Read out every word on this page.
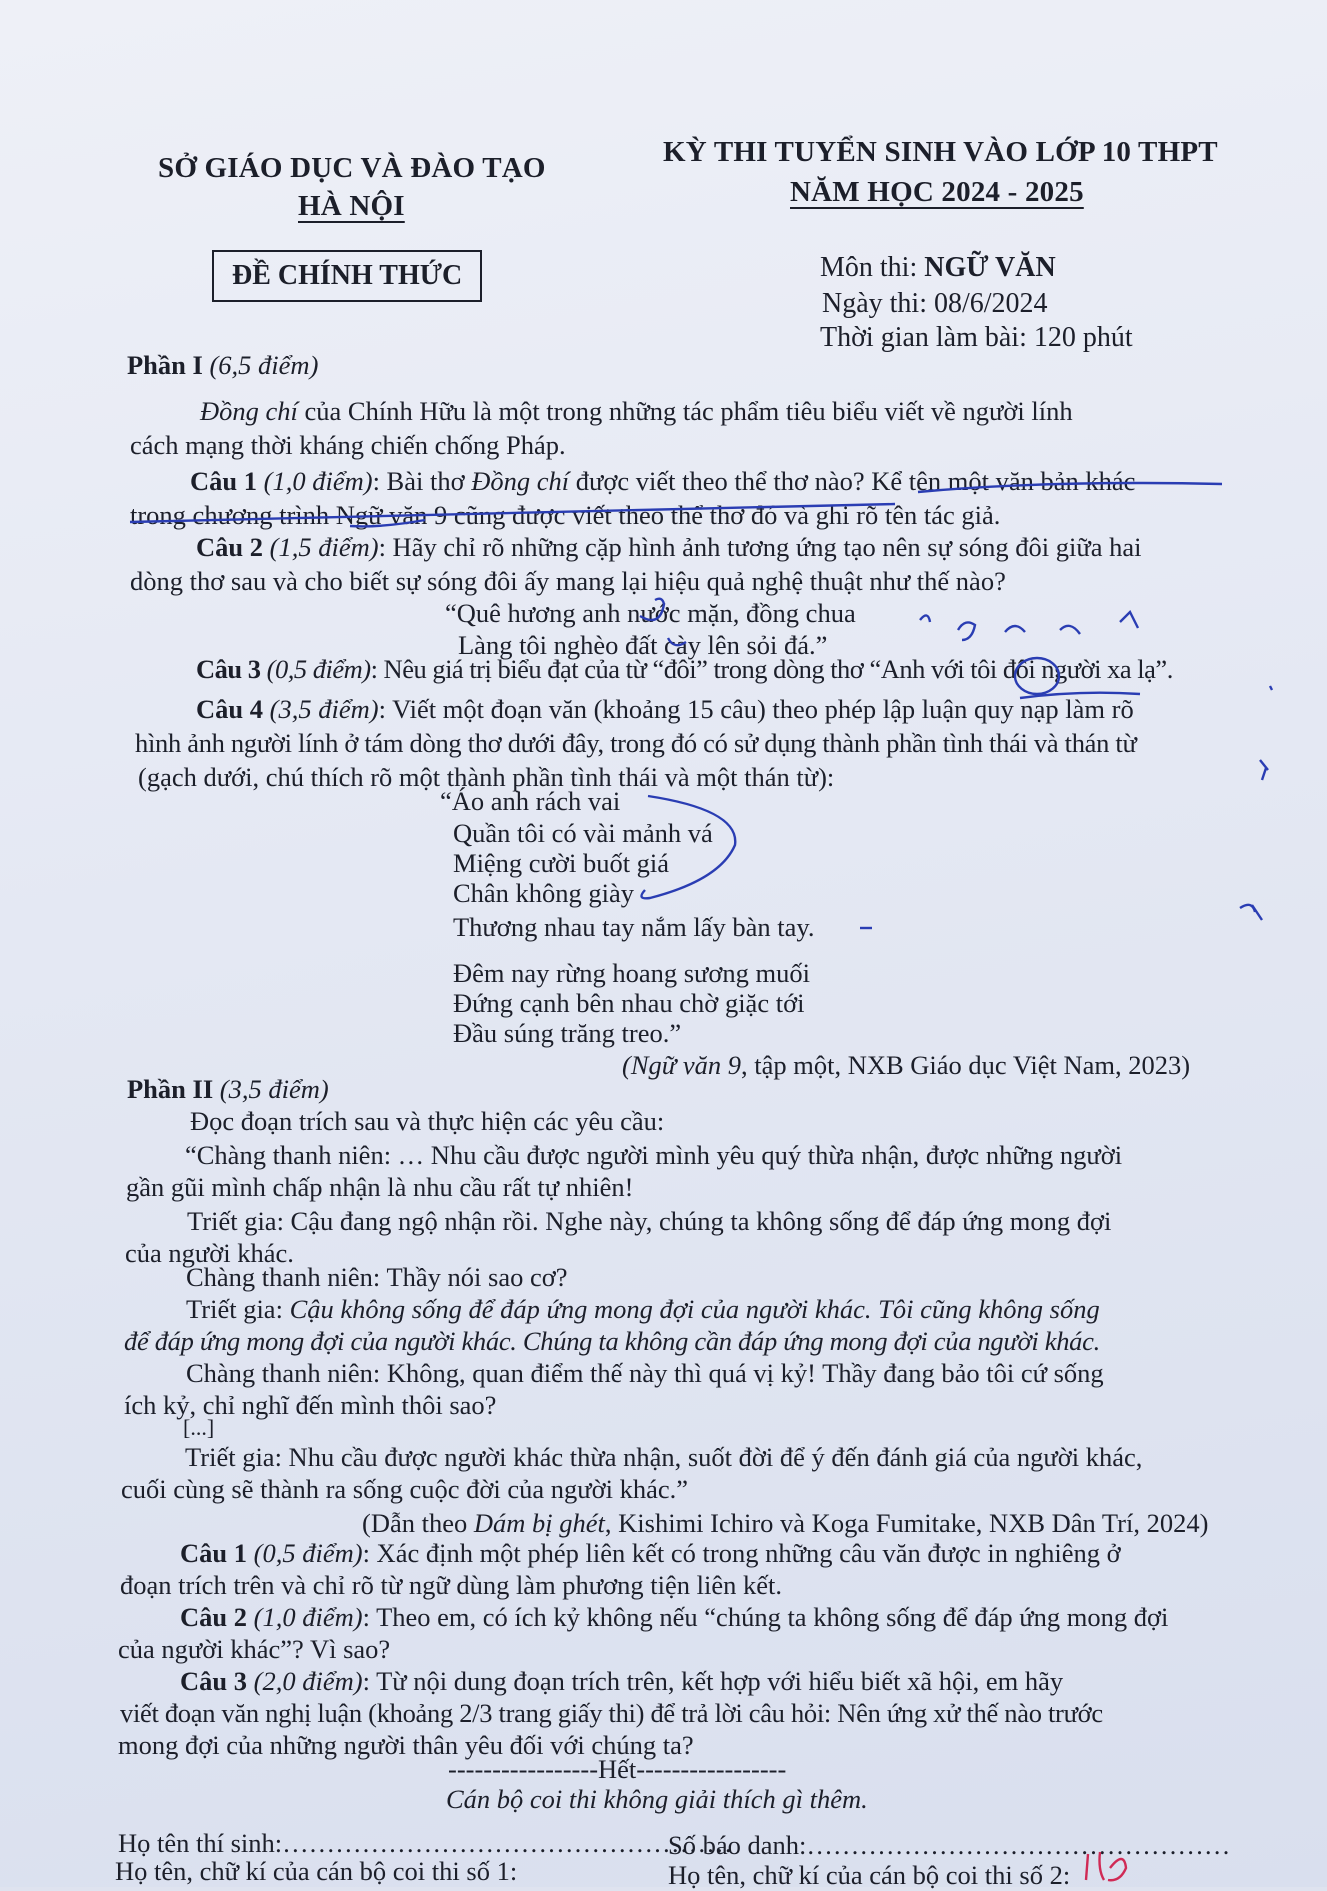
SỞ GIÁO DỤC VÀ ĐÀO TẠO
HÀ NỘI
KỲ THI TUYỂN SINH VÀO LỚP 10 THPT
NĂM HỌC 2024 - 2025
ĐỀ CHÍNH THỨC	Môn thi: NGỮ VĂN
Ngày thi: 08/6/2024
Thời gian làm bài: 120 phút
Phần I (6,5 điểm)
Đồng chí của Chính Hữu là một trong những tác phẩm tiêu biểu viết về người lính
cách mạng thời kháng chiến chống Pháp.
Câu 1 (1,0 điểm): Bài thơ Đồng chí được viết theo thể thơ nào? Kể tên một văn bản khác
trong chương trình Ngữ văn 9 cũng được viết theo thể thơ đó và ghi rõ tên tác giả.
Câu 2 (1,5 điểm): Hãy chỉ rõ những cặp hình ảnh tương ứng tạo nên sự sóng đôi giữa hai
dòng thơ sau và cho biết sự sóng đôi ấy mang lại hiệu quả nghệ thuật như thế nào?
“Quê hương anh nước mặn, đồng chua
Làng tôi nghèo đất cày lên sỏi đá.”
Câu 3 (0,5 điểm): Nêu giá trị biểu đạt của từ “đôi” trong dòng thơ “Anh với tôi đôi người xa lạ”.
Câu 4 (3,5 điểm): Viết một đoạn văn (khoảng 15 câu) theo phép lập luận quy nạp làm rõ
hình ảnh người lính ở tám dòng thơ dưới đây, trong đó có sử dụng thành phần tình thái và thán từ
(gạch dưới, chú thích rõ một thành phần tình thái và một thán từ):
“Áo anh rách vai
Quần tôi có vài mảnh vá
Miệng cười buốt giá
Chân không giày
Thương nhau tay nắm lấy bàn tay.
Đêm nay rừng hoang sương muối
Đứng cạnh bên nhau chờ giặc tới
Đầu súng trăng treo.”
(Ngữ văn 9, tập một, NXB Giáo dục Việt Nam, 2023)
Phần II (3,5 điểm)
Đọc đoạn trích sau và thực hiện các yêu cầu:
“Chàng thanh niên: … Nhu cầu được người mình yêu quý thừa nhận, được những người
gần gũi mình chấp nhận là nhu cầu rất tự nhiên!
Triết gia: Cậu đang ngộ nhận rồi. Nghe này, chúng ta không sống để đáp ứng mong đợi
của người khác.
Chàng thanh niên: Thầy nói sao cơ?
Triết gia: Cậu không sống để đáp ứng mong đợi của người khác. Tôi cũng không sống
để đáp ứng mong đợi của người khác. Chúng ta không cần đáp ứng mong đợi của người khác.
Chàng thanh niên: Không, quan điểm thế này thì quá vị kỷ! Thầy đang bảo tôi cứ sống
ích kỷ, chỉ nghĩ đến mình thôi sao?
[...]
Triết gia: Nhu cầu được người khác thừa nhận, suốt đời để ý đến đánh giá của người khác,
cuối cùng sẽ thành ra sống cuộc đời của người khác.”
(Dẫn theo Dám bị ghét, Kishimi Ichiro và Koga Fumitake, NXB Dân Trí, 2024)
Câu 1 (0,5 điểm): Xác định một phép liên kết có trong những câu văn được in nghiêng ở
đoạn trích trên và chỉ rõ từ ngữ dùng làm phương tiện liên kết.
Câu 2 (1,0 điểm): Theo em, có ích kỷ không nếu “chúng ta không sống để đáp ứng mong đợi
của người khác”? Vì sao?
Câu 3 (2,0 điểm): Từ nội dung đoạn trích trên, kết hợp với hiểu biết xã hội, em hãy
viết đoạn văn nghị luận (khoảng 2/3 trang giấy thi) để trả lời câu hỏi: Nên ứng xử thế nào trước
mong đợi của những người thân yêu đối với chúng ta?
-----------------Hết-----------------
Cán bộ coi thi không giải thích gì thêm.
Họ tên thí sinh:……………………………………………
Số báo danh:…………………………………………
Họ tên, chữ kí của cán bộ coi thi số 1:	Họ tên, chữ kí của cán bộ coi thi số 2:
